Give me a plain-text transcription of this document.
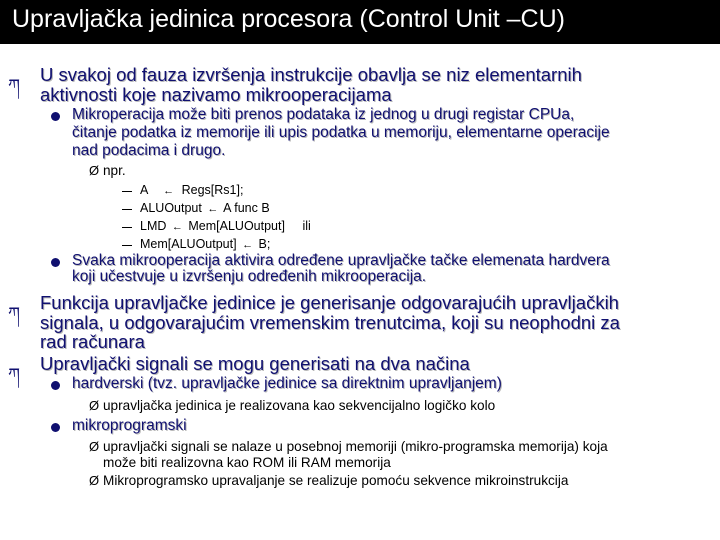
Upravljačka jedinica procesora (Control Unit –CU)
ཀ
U svakoj od fauza izvršenja instrukcije obavlja se niz elementarnih
aktivnosti koje nazivamo mikrooperacijama
Mikroperacija može biti prenos podataka iz jednog u drugi registar CPUa,
čitanje podatka iz memorije ili upis podatka u memoriju, elementarne operacije
nad podacima i drugo.
Ø npr.
A ← Regs[Rs1];
ALUOutput ← A func B
LMD ← Mem[ALUOutput] ili
Mem[ALUOutput] ← B;
Svaka mikrooperacija aktivira određene upravljačke tačke elemenata hardvera
koji učestvuje u izvršenju određenih mikrooperacija.
ཀ
Funkcija upravljačke jedinice je generisanje odgovarajućih upravljačkih
signala, u odgovarajućim vremenskim trenutcima, koji su neophodni za
rad računara
ཀ
Upravljački signali se mogu generisati na dva načina
hardverski (tvz. upravljačke jedinice sa direktnim upravljanjem)
Ø upravljačka jedinica je realizovana kao sekvencijalno logičko kolo
mikroprogramski
Ø upravljački signali se nalaze u posebnoj memoriji (mikro-programska memorija) koja
može biti realizovna kao ROM ili RAM memorija
Ø Mikroprogramsko upravaljanje se realizuje pomoću sekvence mikroinstrukcija
